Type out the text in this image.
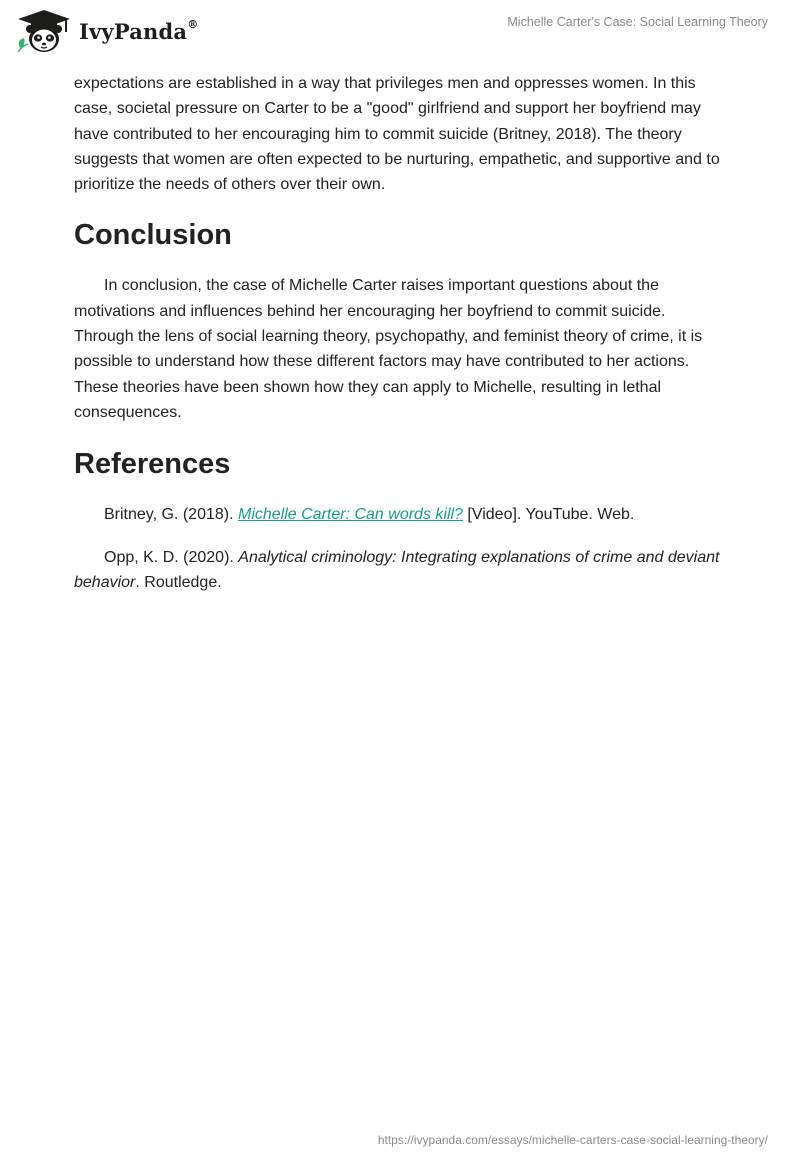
IvyPanda®	Michelle Carter's Case: Social Learning Theory

expectations are established in a way that privileges men and oppresses women. In this case, societal pressure on Carter to be a "good" girlfriend and support her boyfriend may have contributed to her encouraging him to commit suicide (Britney, 2018). The theory suggests that women are often expected to be nurturing, empathetic, and supportive and to prioritize the needs of others over their own.

Conclusion

In conclusion, the case of Michelle Carter raises important questions about the motivations and influences behind her encouraging her boyfriend to commit suicide. Through the lens of social learning theory, psychopathy, and feminist theory of crime, it is possible to understand how these different factors may have contributed to her actions. These theories have been shown how they can apply to Michelle, resulting in lethal consequences.

References

Britney, G. (2018). Michelle Carter: Can words kill? [Video]. YouTube. Web.

Opp, K. D. (2020). Analytical criminology: Integrating explanations of crime and deviant behavior. Routledge.

https://ivypanda.com/essays/michelle-carters-case-social-learning-theory/
